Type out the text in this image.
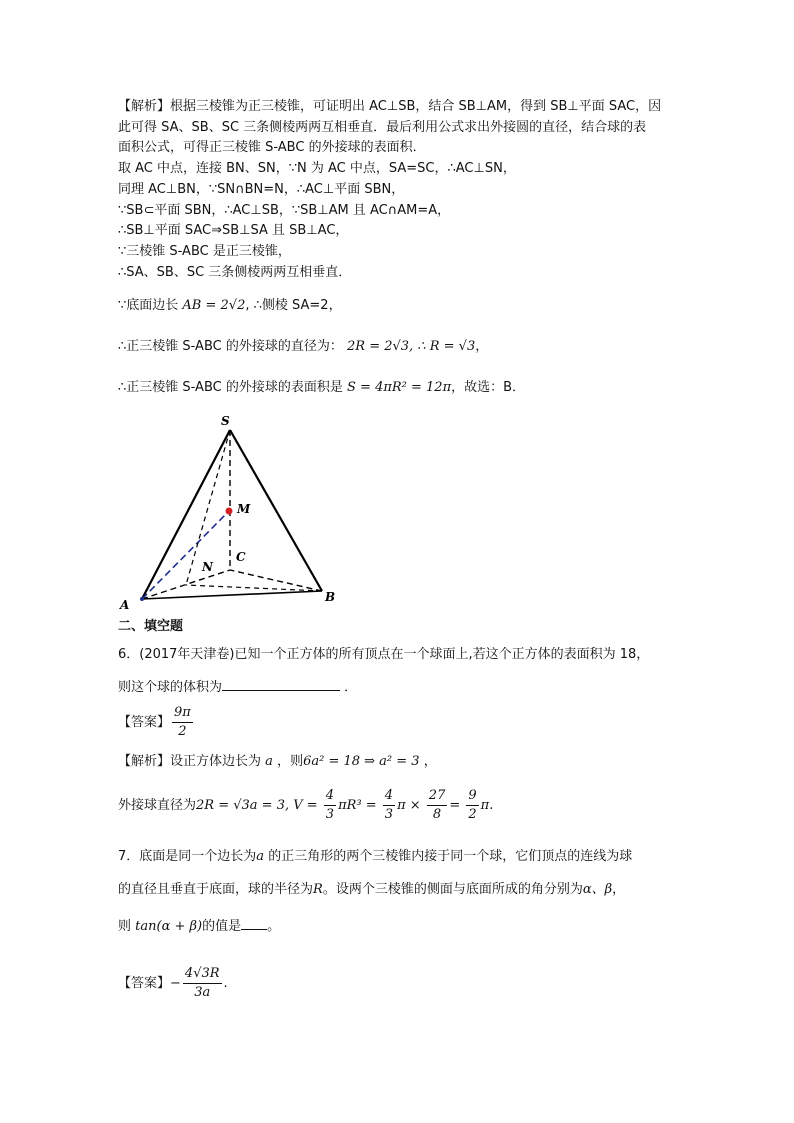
【解析】根据三棱锥为正三棱锥，可证明出 AC⊥SB，结合 SB⊥AM，得到 SB⊥平面 SAC，因
此可得 SA、SB、SC 三条侧棱两两互相垂直．最后利用公式求出外接圆的直径，结合球的表
面积公式，可得正三棱锥 S-ABC 的外接球的表面积．
取 AC 中点，连接 BN、SN，∵N 为 AC 中点，SA=SC，∴AC⊥SN，
同理 AC⊥BN，∵SN∩BN=N，∴AC⊥平面 SBN，
∵SB⊂平面 SBN，∴AC⊥SB，∵SB⊥AM 且 AC∩AM=A，
∴SB⊥平面 SAC⇒SB⊥SA 且 SB⊥AC，
∵三棱锥 S-ABC 是正三棱锥，
∴SA、SB、SC 三条侧棱两两互相垂直．
∵底面边长 AB = 2√2, ∴侧棱 SA=2，
∴正三棱锥 S-ABC 的外接球的直径为： 2R = 2√3, ∴ R = √3，
∴正三棱锥 S-ABC 的外接球的表面积是 S = 4πR² = 12π，故选：B．
S
M
C
N
A
B
二、填空题
6．(2017年天津卷)已知一个正方体的所有顶点在一个球面上,若这个正方体的表面积为 18，
则这个球的体积为	．
【答案】 $\frac{9\pi}{2}$
【解析】设正方体边长为 a ，则6a² = 18 ⇒ a² = 3 ，
外接球直径为2R = √3a = 3, $V = \frac{4}{3} \pi R^3 = \frac{4}{3}$ $\pi \times \frac{27}{8} = \frac{9}{2} \pi$.
7．底面是同一个边长为a 的正三角形的两个三棱锥内接于同一个球，它们顶点的连线为球
的直径且垂直于底面，球的半径为R。设两个三棱锥的侧面与底面所成的角分别为α、β，
则 tan(α + β)的值是 。
【答案】− $\frac{4√3R}{3a}$ .
